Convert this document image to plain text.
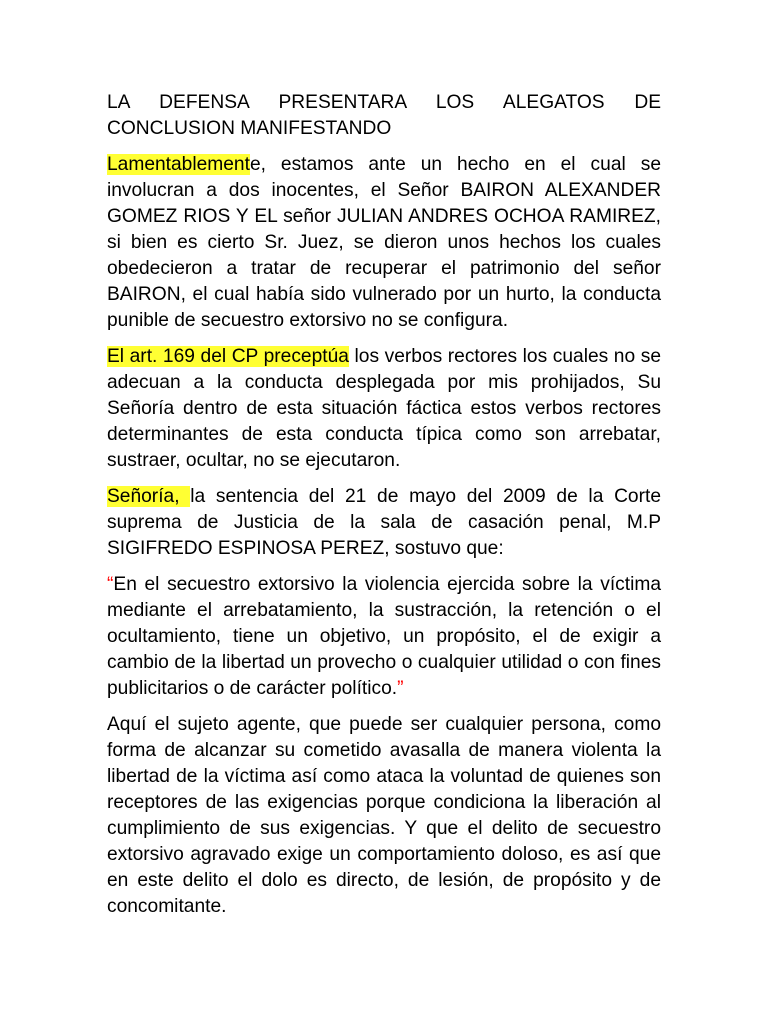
LA DEFENSA PRESENTARA LOS ALEGATOS DE CONCLUSION MANIFESTANDO

Lamentablemente, estamos ante un hecho en el cual se involucran a dos inocentes, el Señor BAIRON ALEXANDER GOMEZ RIOS Y EL señor JULIAN ANDRES OCHOA RAMIREZ, si bien es cierto Sr. Juez, se dieron unos hechos los cuales obedecieron a tratar de recuperar el patrimonio del señor BAIRON, el cual había sido vulnerado por un hurto, la conducta punible de secuestro extorsivo no se configura.

El art. 169 del CP preceptúa los verbos rectores los cuales no se adecuan a la conducta desplegada por mis prohijados, Su Señoría dentro de esta situación fáctica estos verbos rectores determinantes de esta conducta típica como son arrebatar, sustraer, ocultar, no se ejecutaron.

Señoría, la sentencia del 21 de mayo del 2009 de la Corte suprema de Justicia de la sala de casación penal, M.P SIGIFREDO ESPINOSA PEREZ, sostuvo que:

“En el secuestro extorsivo la violencia ejercida sobre la víctima mediante el arrebatamiento, la sustracción, la retención o el ocultamiento, tiene un objetivo, un propósito, el de exigir a cambio de la libertad un provecho o cualquier utilidad o con fines publicitarios o de carácter político.”

Aquí el sujeto agente, que puede ser cualquier persona, como forma de alcanzar su cometido avasalla de manera violenta la libertad de la víctima así como ataca la voluntad de quienes son receptores de las exigencias porque condiciona la liberación al cumplimiento de sus exigencias. Y que el delito de secuestro extorsivo agravado exige un comportamiento doloso, es así que en este delito el dolo es directo, de lesión, de propósito y de concomitante.
